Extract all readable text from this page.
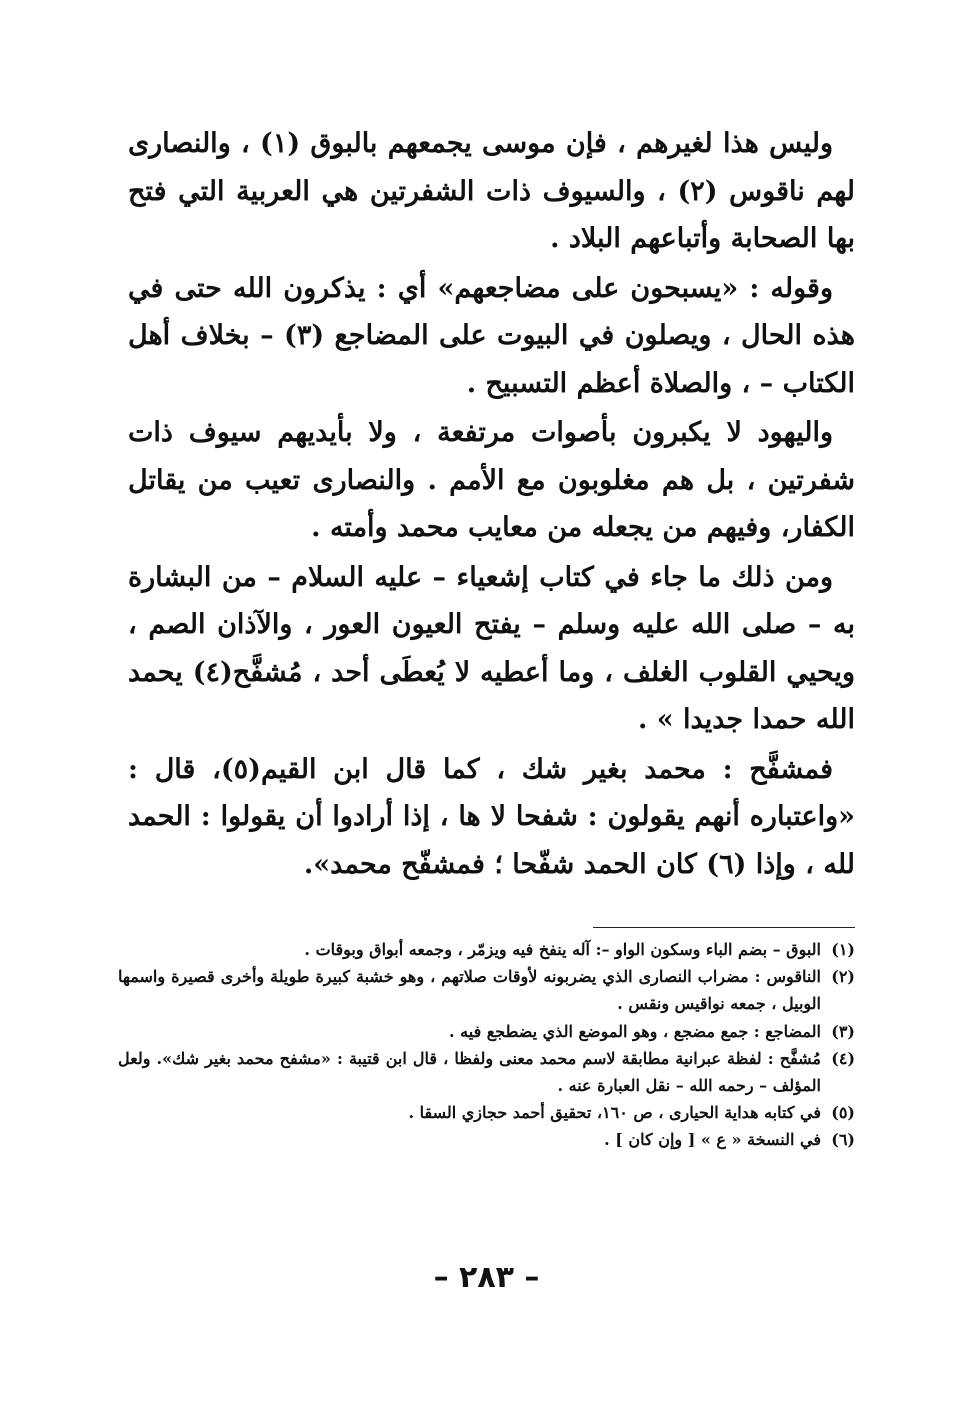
وليس هذا لغيرهم ، فإن موسى يجمعهم بالبوق (١) ، والنصارى لهم ناقوس (٢) ، والسيوف ذات الشفرتين هي العربية التي فتح بها الصحابة وأتباعهم البلاد .

وقوله : «يسبحون على مضاجعهم» أي : يذكرون الله حتى في هذه الحال ، ويصلون في البيوت على المضاجع (٣) – بخلاف أهل الكتاب – ، والصلاة أعظم التسبيح .

واليهود لا يكبرون بأصوات مرتفعة ، ولا بأيديهم سيوف ذات شفرتين ، بل هم مغلوبون مع الأمم . والنصارى تعيب من يقاتل الكفار، وفيهم من يجعله من معايب محمد وأمته .

ومن ذلك ما جاء في كتاب إشعياء – عليه السلام – من البشارة به – صلى الله عليه وسلم – يفتح العيون العور ، والآذان الصم ، ويحيي القلوب الغلف ، وما أعطيه لا يُعطَى أحد ، مُشفَّح(٤) يحمد الله حمدا جديدا » .

فمشفَّح : محمد بغير شك ، كما قال ابن القيم(٥)، قال : «واعتباره أنهم يقولون : شفحا لا ها ، إذا أرادوا أن يقولوا : الحمد لله ، وإذا (٦) كان الحمد شفّحا ؛ فمشفّح محمد».

(١)البوق – بضم الباء وسكون الواو –: آله ينفخ فيه ويزمّر ، وجمعه أبواق وبوقات .

(٢)الناقوس : مضراب النصارى الذي يضربونه لأوقات صلاتهم ، وهو خشبة كبيرة طويلة وأخرى قصيرة واسمها الوبيل ، جمعه نواقيس ونقس .

(٣)المضاجع : جمع مضجع ، وهو الموضع الذي يضطجع فيه .

(٤)مُشفَّح : لفظة عبرانية مطابقة لاسم محمد معنى ولفظا ، قال ابن قتيبة : «مشفح محمد بغير شك». ولعل المؤلف – رحمه الله – نقل العبارة عنه .

(٥)في كتابه هداية الحيارى ، ص ١٦٠، تحقيق أحمد حجازي السقا .

(٦)في النسخة « ع » [ وإن كان ] .

– ٢٨٣ –
